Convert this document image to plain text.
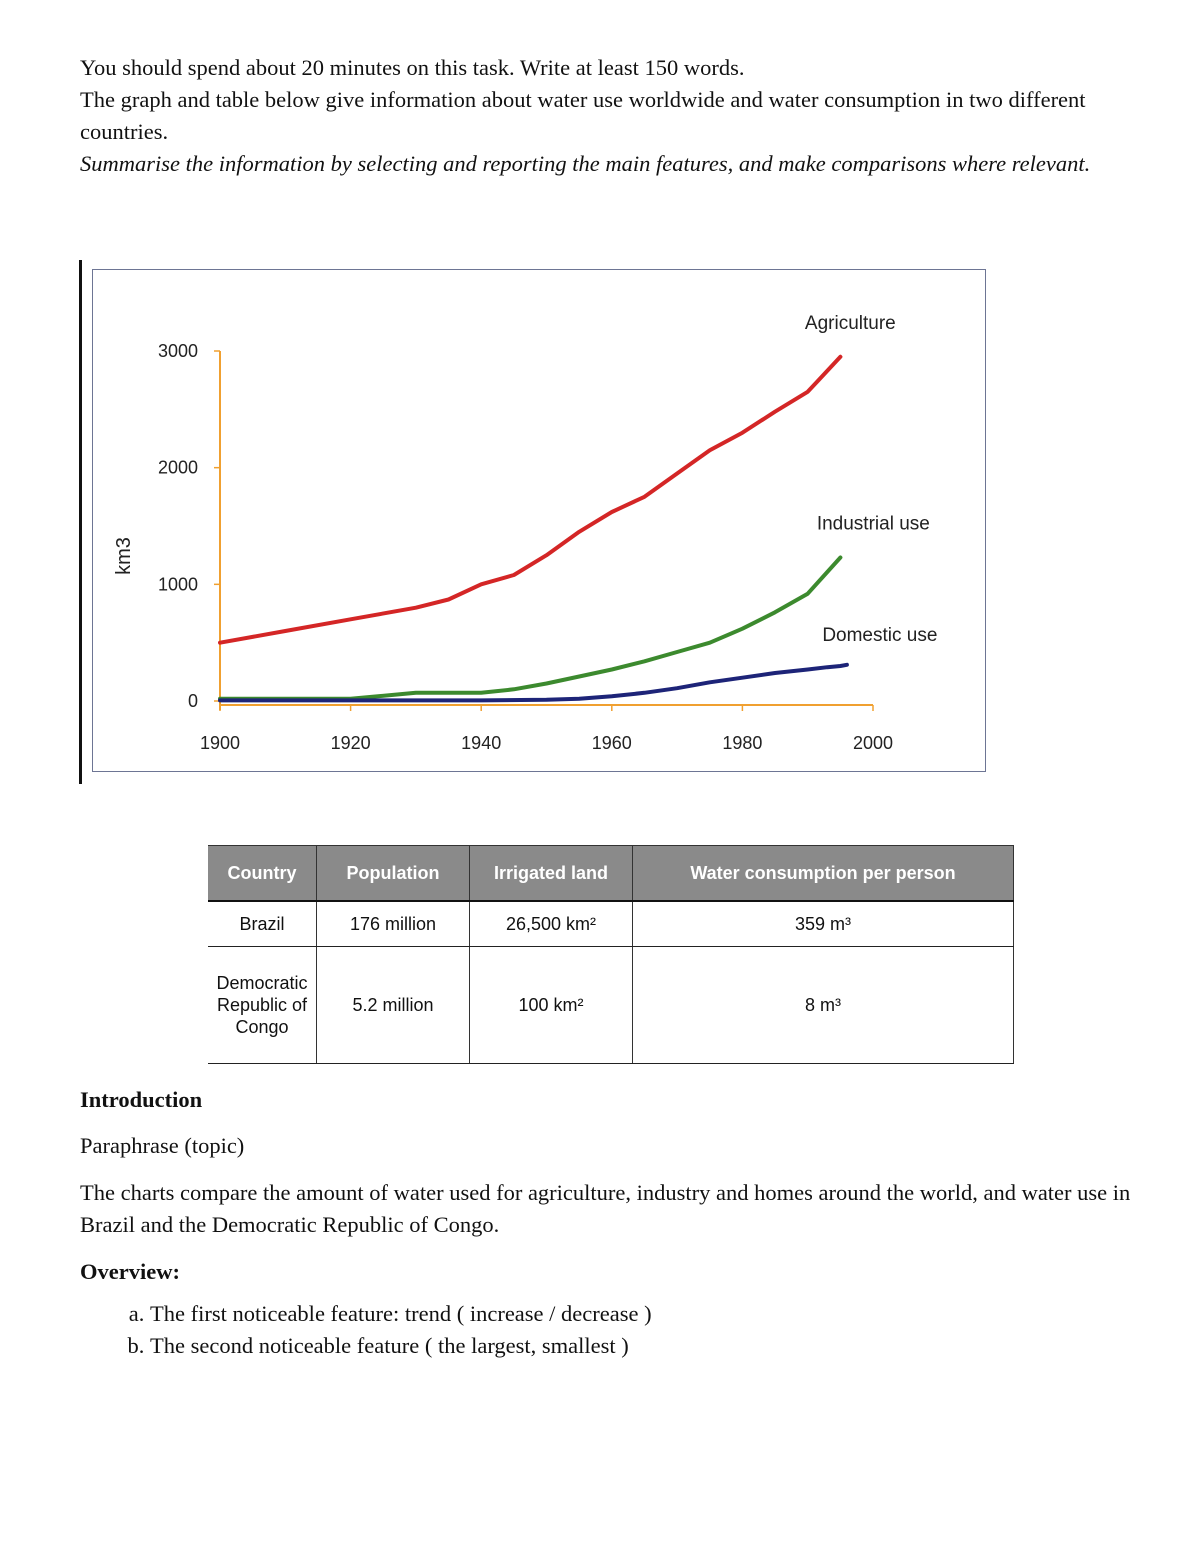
You should spend about 20 minutes on this task. Write at least 150 words.

The graph and table below give information about water use worldwide and water consumption in two different countries.

Summarise the information by selecting and reporting the main features, and make comparisons where relevant.

0
1000
2000
3000
1900	1920	1940	1960	1980	2000
km3
Agriculture
Industrial use
Domestic use
Country	Population	Irrigated land	Water consumption per person
Brazil	176 million	26,500 km²	359 m³
Democratic Republic of Congo	5.2 million	100 km²	8 m³
Introduction

Paraphrase (topic)

The charts compare the amount of water used for agriculture, industry and homes around the world, and water use in Brazil and the Democratic Republic of Congo.

Overview:
a. The first noticeable feature: trend ( increase / decrease )
b. The second noticeable feature ( the largest, smallest )
